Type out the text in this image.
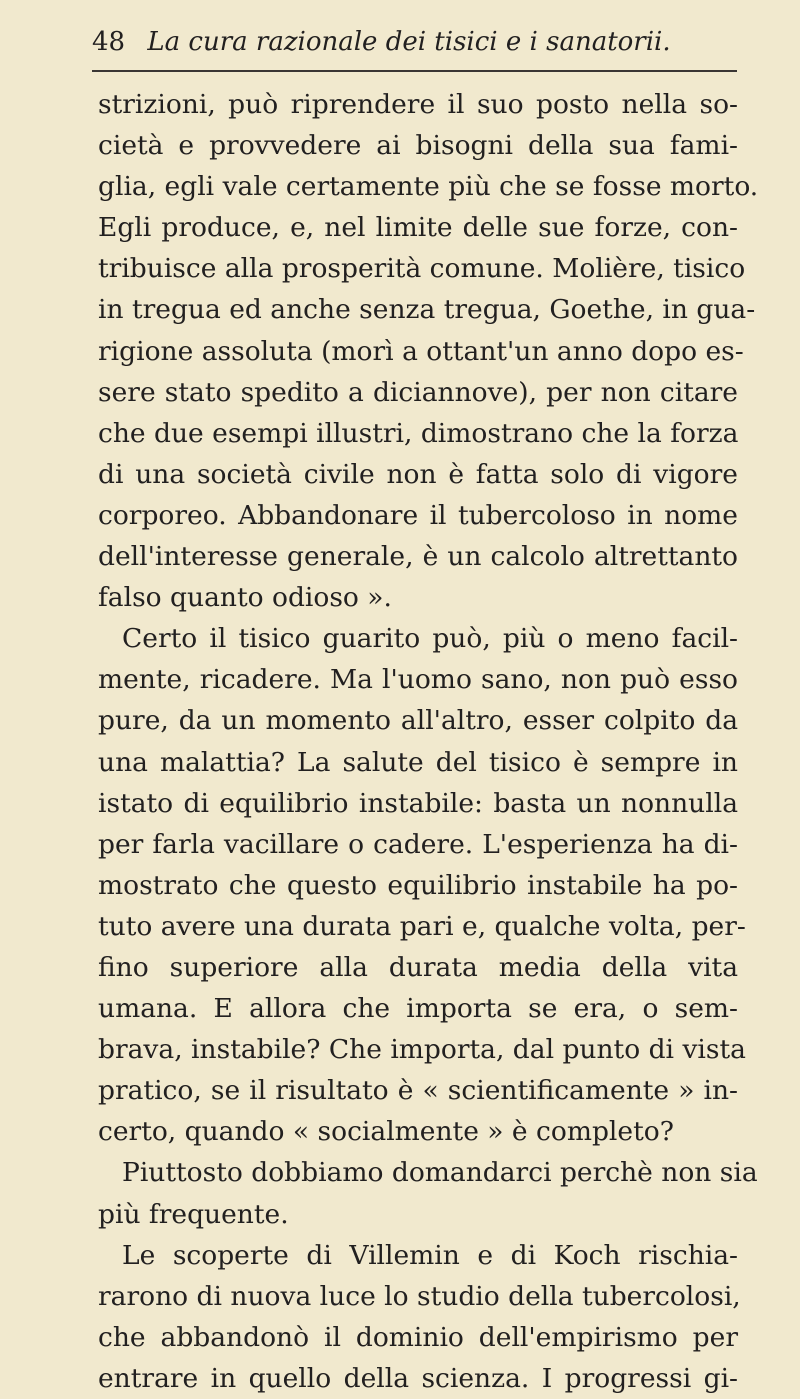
48 La cura razionale dei tisici e i sanatorii.
strizioni, può riprendere il suo posto nella so-
cietà e provvedere ai bisogni della sua fami-
glia, egli vale certamente più che se fosse morto.
Egli produce, e, nel limite delle sue forze, con-
tribuisce alla prosperità comune. Molière, tisico
in tregua ed anche senza tregua, Goethe, in gua-
rigione assoluta (morì a ottant'un anno dopo es-
sere stato spedito a diciannove), per non citare
che due esempi illustri, dimostrano che la forza
di una società civile non è fatta solo di vigore
corporeo. Abbandonare il tubercoloso in nome
dell'interesse generale, è un calcolo altrettanto
falso quanto odioso ».
Certo il tisico guarito può, più o meno facil-
mente, ricadere. Ma l'uomo sano, non può esso
pure, da un momento all'altro, esser colpito da
una malattia? La salute del tisico è sempre in
istato di equilibrio instabile: basta un nonnulla
per farla vacillare o cadere. L'esperienza ha di-
mostrato che questo equilibrio instabile ha po-
tuto avere una durata pari e, qualche volta, per-
fino superiore alla durata media della vita
umana. E allora che importa se era, o sem-
brava, instabile? Che importa, dal punto di vista
pratico, se il risultato è « scientificamente » in-
certo, quando « socialmente » è completo?
Piuttosto dobbiamo domandarci perchè non sia
più frequente.
Le scoperte di Villemin e di Koch rischia-
rarono di nuova luce lo studio della tubercolosi,
che abbandonò il dominio dell'empirismo per
entrare in quello della scienza. I progressi gi-
